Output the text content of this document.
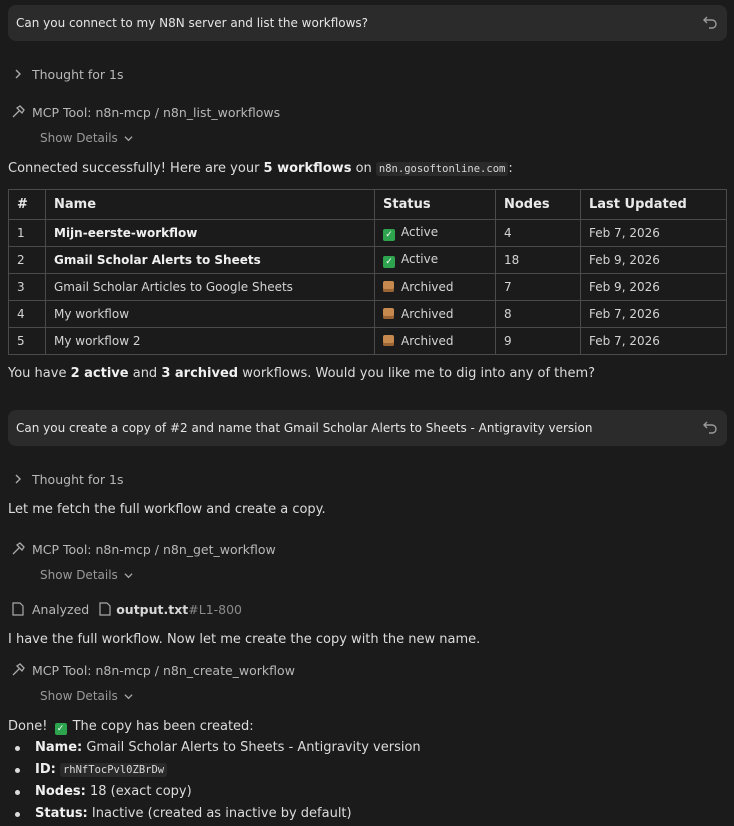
Can you connect to my N8N server and list the workflows?
Thought for 1s
MCP Tool:
n8n-mcp / n8n_list_workflows
Show Details
Connected successfully! Here are your 5 workflows on n8n.gosoftonline.com :
#	Name	Status	Nodes	Last Updated
1	Mijn-eerste-workflow	✓ Active	4	Feb 7, 2026
2	Gmail Scholar Alerts to Sheets	✓ Active	18	Feb 9, 2026
3	Gmail Scholar Articles to Google Sheets	Archived	7	Feb 9, 2026
4	My workflow	Archived	8	Feb 7, 2026
5	My workflow 2	Archived	9	Feb 7, 2026
You have 2 active and 3 archived workflows. Would you like me to dig into any of them?
Can you create a copy of #2 and name that Gmail Scholar Alerts to Sheets - Antigravity version
Thought for 1s
Let me fetch the full workflow and create a copy.
MCP Tool:
n8n-mcp / n8n_get_workflow
Show Details
Analyzed output.txt #L1-800
I have the full workflow. Now let me create the copy with the new name.
MCP Tool:
n8n-mcp / n8n_create_workflow
Show Details
Done! ✓ The copy has been created:
Name: Gmail Scholar Alerts to Sheets - Antigravity version
ID: rhNfTocPvl0ZBrDw
Nodes: 18 (exact copy)
Status: Inactive (created as inactive by default)
